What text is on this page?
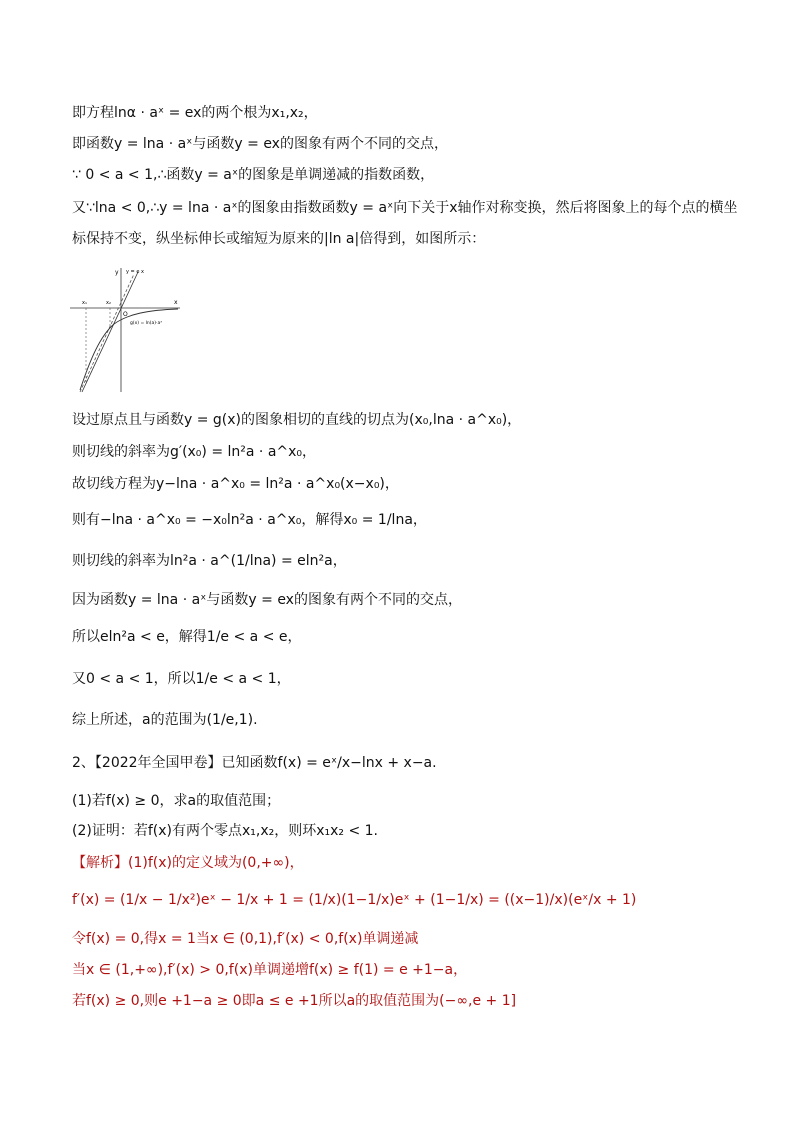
即方程lnα · aˣ = ex的两个根为x₁,x₂，
即函数y = lna · aˣ与函数y = ex的图象有两个不同的交点，
∵ 0 < a < 1,∴函数y = aˣ的图象是单调递减的指数函数，
又∵lna < 0,∴y = lna · aˣ的图象由指数函数y = aˣ向下关于x轴作对称变换，然后将图象上的每个点的横坐
标保持不变，纵坐标伸长或缩短为原来的|ln a|倍得到，如图所示：
x
y y = e x
O
x₁	x₂
g(x) = ln(a)·aˣ
设过原点且与函数y = g(x)的图象相切的直线的切点为(x₀,lna · a^x₀)，
则切线的斜率为g′(x₀) = ln²a · a^x₀，
故切线方程为y−lna · a^x₀ = ln²a · a^x₀(x−x₀)，
则有−lna · a^x₀ = −x₀ln²a · a^x₀，解得x₀ = 1/lna，
则切线的斜率为ln²a · a^(1/lna) = eln²a，
因为函数y = lna · aˣ与函数y = ex的图象有两个不同的交点，
所以eln²a < e，解得1/e < a < e，
又0 < a < 1，所以1/e < a < 1，
综上所述，a的范围为(1/e,1).
2、【2022年全国甲卷】已知函数f(x) = eˣ/x−lnx + x−a.
(1)若f(x) ≥ 0，求a的取值范围；
(2)证明：若f(x)有两个零点x₁,x₂，则环x₁x₂ < 1.
【解析】(1)f(x)的定义域为(0,+∞)，
f′(x) = (1/x − 1/x²)eˣ − 1/x + 1 = (1/x)(1−1/x)eˣ + (1−1/x) = ((x−1)/x)(eˣ/x + 1)
令f(x) = 0,得x = 1当x ∈ (0,1),f′(x) < 0,f(x)单调递减
当x ∈ (1,+∞),f′(x) > 0,f(x)单调递增f(x) ≥ f(1) = e +1−a，
若f(x) ≥ 0,则e +1−a ≥ 0即a ≤ e +1所以a的取值范围为(−∞,e + 1]
